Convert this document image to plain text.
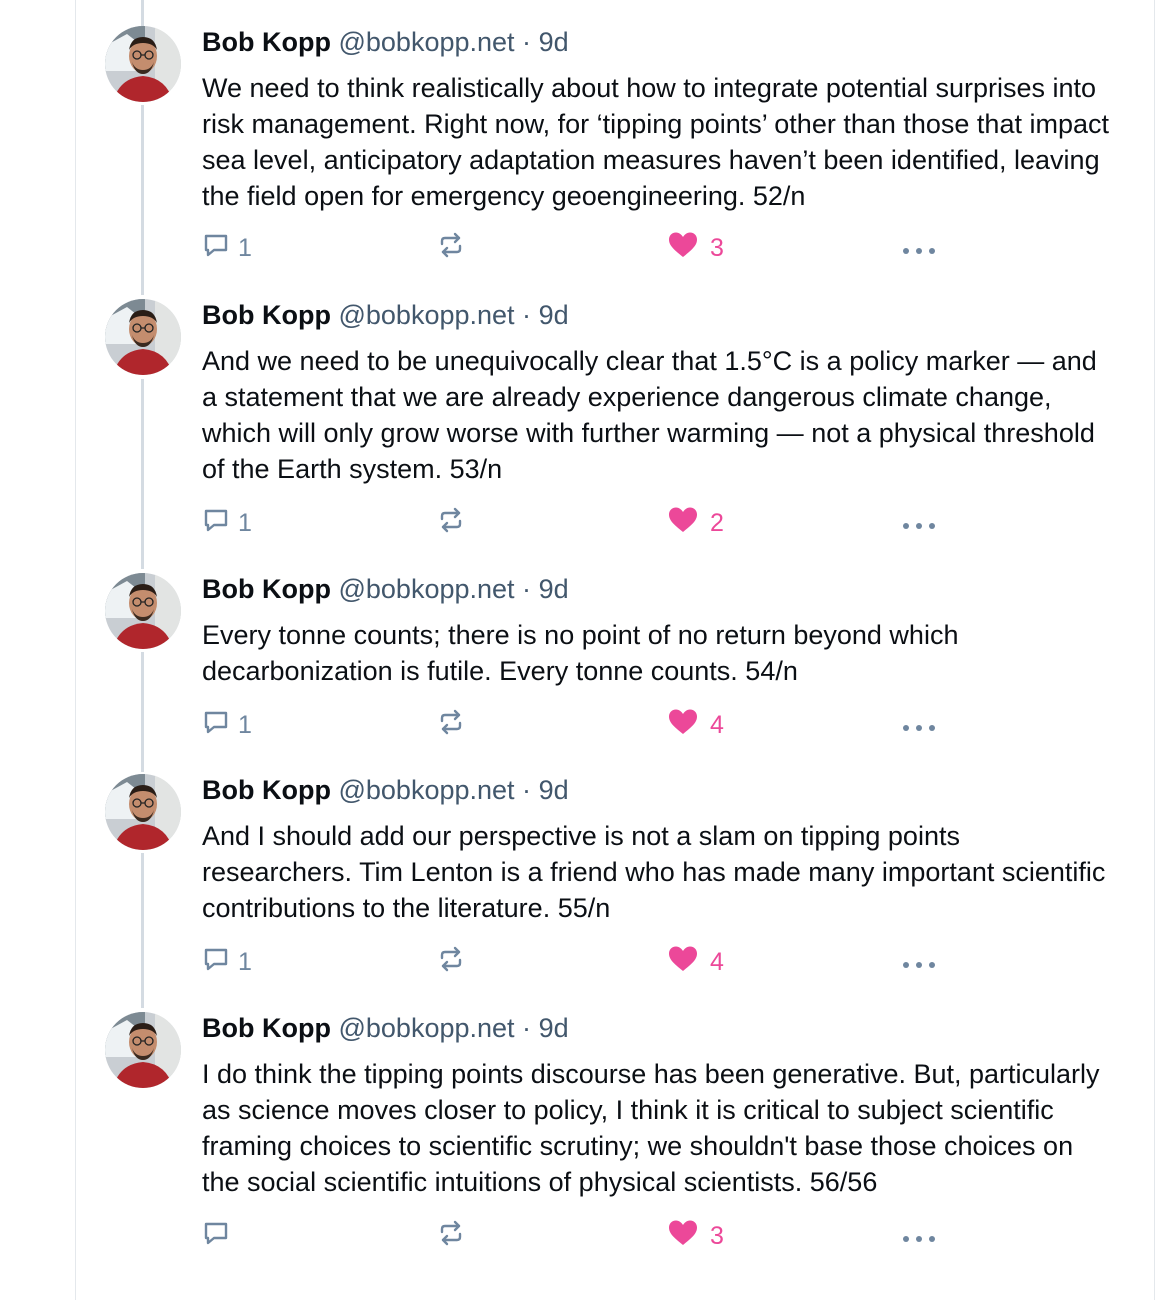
Bob Kopp @bobkopp.net · 9d
We need to think realistically about how to integrate potential surprises into risk management. Right now, for ‘tipping points’ other than those that impact sea level, anticipatory adaptation measures haven’t been identified, leaving the field open for emergency geoengineering. 52/n
1	3
Bob Kopp @bobkopp.net · 9d
And we need to be unequivocally clear that 1.5°C is a policy marker — and a statement that we are already experience dangerous climate change, which will only grow worse with further warming — not a physical threshold of the Earth system. 53/n
1	2
Bob Kopp @bobkopp.net · 9d
Every tonne counts; there is no point of no return beyond which decarbonization is futile. Every tonne counts. 54/n
1	4
Bob Kopp @bobkopp.net · 9d
And I should add our perspective is not a slam on tipping points researchers. Tim Lenton is a friend who has made many important scientific contributions to the literature. 55/n
1	4
Bob Kopp @bobkopp.net · 9d
I do think the tipping points discourse has been generative. But, particularly as science moves closer to policy, I think it is critical to subject scientific framing choices to scientific scrutiny; we shouldn't base those choices on the social scientific intuitions of physical scientists. 56/56
3
